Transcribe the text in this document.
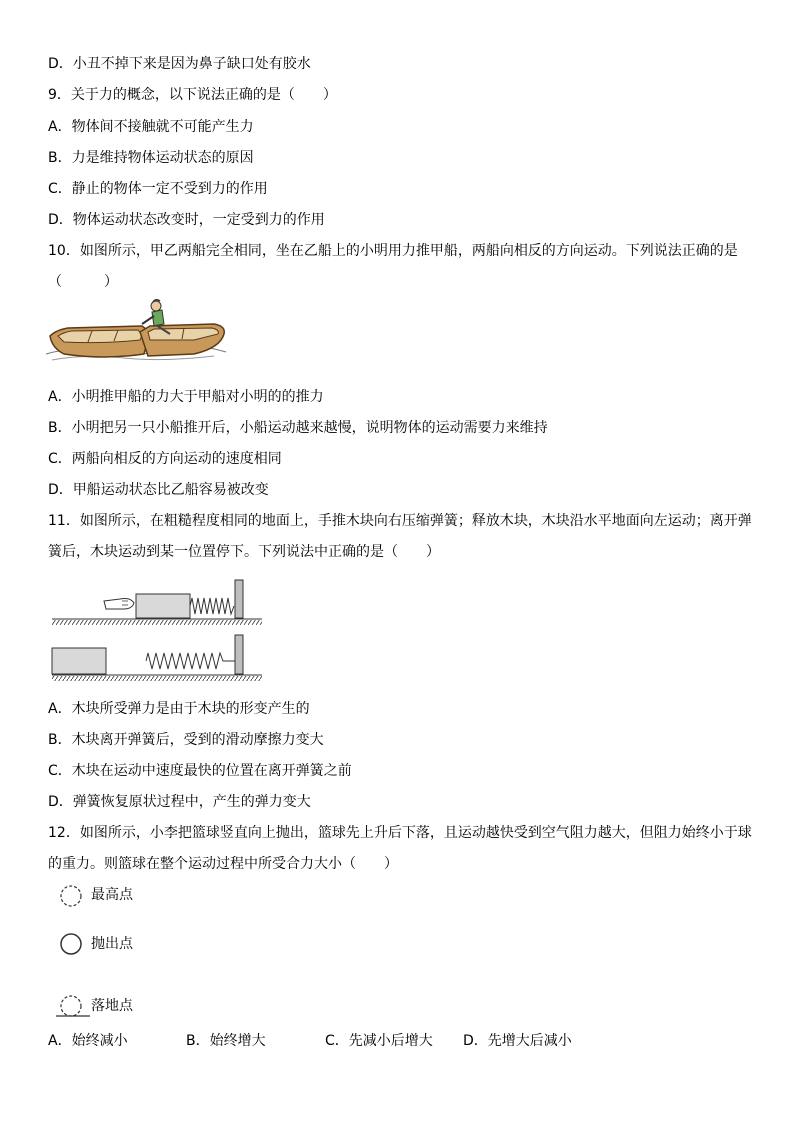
D．小丑不掉下来是因为鼻子缺口处有胶水
9．关于力的概念，以下说法正确的是（　　）
A．物体间不接触就不可能产生力
B．力是维持物体运动状态的原因
C．静止的物体一定不受到力的作用
D．物体运动状态改变时，一定受到力的作用
10．如图所示，甲乙两船完全相同，坐在乙船上的小明用力推甲船，两船向相反的方向运动。下列说法正确的是
（　　　）
A．小明推甲船的力大于甲船对小明的的推力
B．小明把另一只小船推开后，小船运动越来越慢，说明物体的运动需要力来维持
C．两船向相反的方向运动的速度相同
D．甲船运动状态比乙船容易被改变
11．如图所示，在粗糙程度相同的地面上，手推木块向右压缩弹簧；释放木块，木块沿水平地面向左运动；离开弹
簧后，木块运动到某一位置停下。下列说法中正确的是（　　）
A．木块所受弹力是由于木块的形变产生的
B．木块离开弹簧后，受到的滑动摩擦力变大
C．木块在运动中速度最快的位置在离开弹簧之前
D．弹簧恢复原状过程中，产生的弹力变大
12．如图所示，小李把篮球竖直向上抛出，篮球先上升后下落，且运动越快受到空气阻力越大，但阻力始终小于球
的重力。则篮球在整个运动过程中所受合力大小（　　）
最高点
抛出点
落地点
A．始终减小	B．始终增大	C．先减小后增大 D．先增大后减小
